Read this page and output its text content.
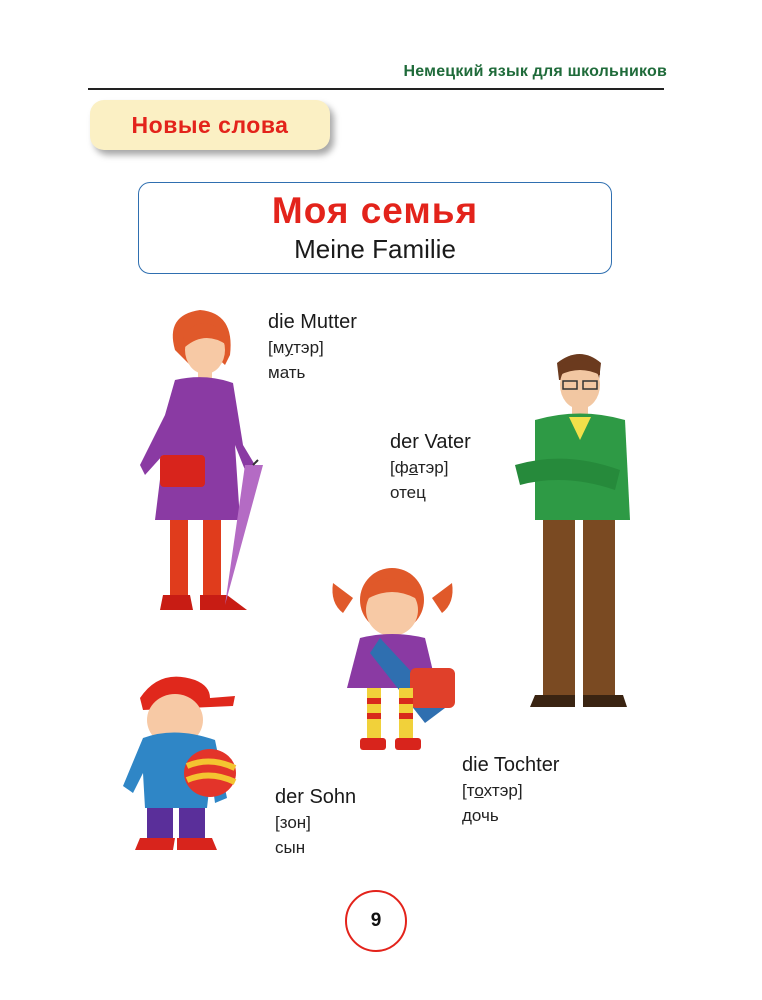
Немецкий язык для школьников
Новые слова
Моя семья
Meine Familie
die Mutter
[мутэр]
мать
der Vater
[фатэр]
отец
die Tochter
[тохтэр]
дочь
der Sohn
[зон]
сын
9
